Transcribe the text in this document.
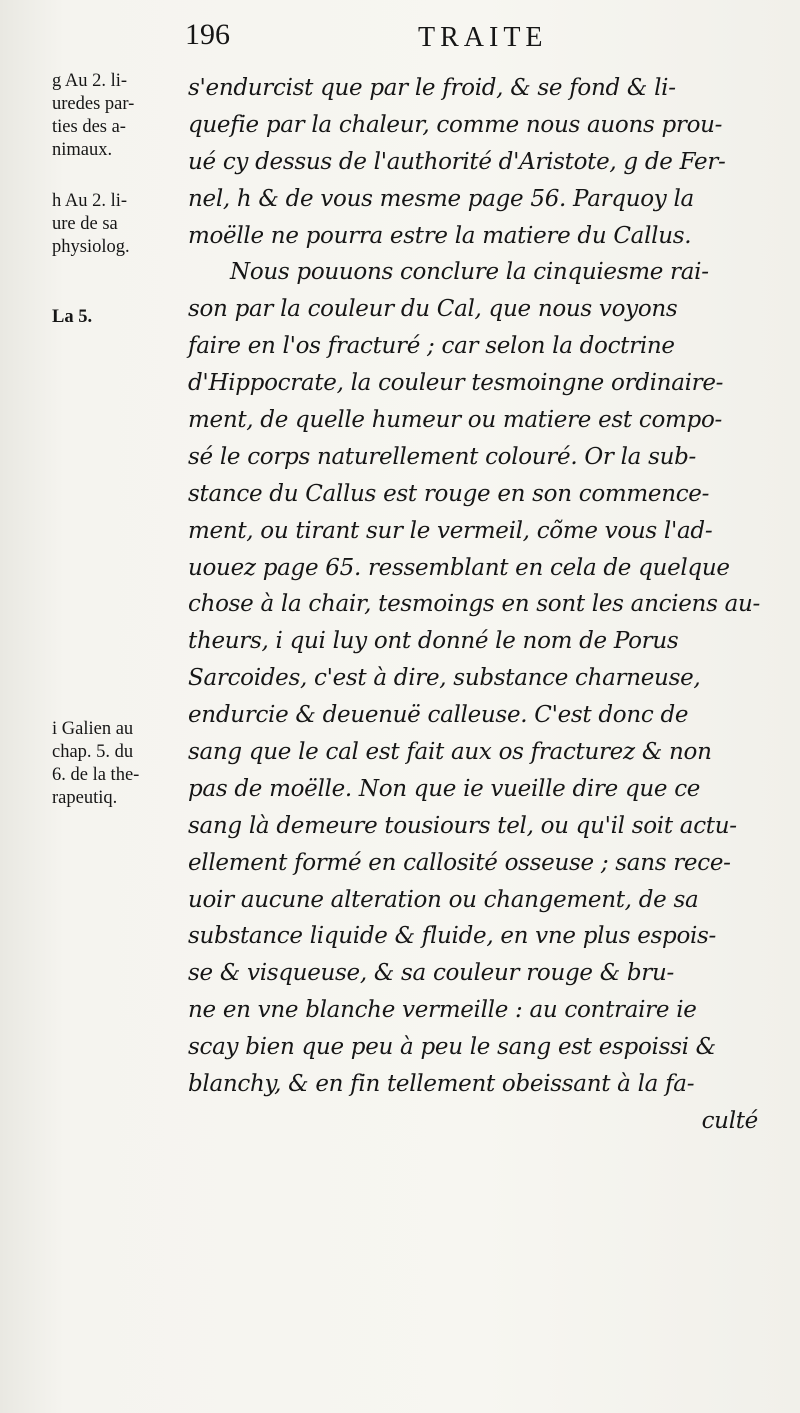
196	TRAITE
g Au 2. li-
uredes par-
ties des a-
nimaux.
h Au 2. li-
ure de sa
physiolog.
La 5.
i Galien au
chap. 5. du
6. de la the-
rapeutiq.
s'endurcist que par le froid, & se fond & li-
quefie par la chaleur, comme nous auons prou-
ué cy dessus de l'authorité d'Aristote, g de Fer-
nel, h & de vous mesme page 56. Parquoy la
moëlle ne pourra estre la matiere du Callus.
Nous pouuons conclure la cinquiesme rai-
son par la couleur du Cal, que nous voyons
faire en l'os fracturé ; car selon la doctrine
d'Hippocrate, la couleur tesmoingne ordinaire-
ment, de quelle humeur ou matiere est compo-
sé le corps naturellement colouré. Or la sub-
stance du Callus est rouge en son commence-
ment, ou tirant sur le vermeil, cõme vous l'ad-
uouez page 65. ressemblant en cela de quelque
chose à la chair, tesmoings en sont les anciens au-
theurs, i qui luy ont donné le nom de Porus
Sarcoides, c'est à dire, substance charneuse,
endurcie & deuenuë calleuse. C'est donc de
sang que le cal est fait aux os fracturez & non
pas de moëlle. Non que ie vueille dire que ce
sang là demeure tousiours tel, ou qu'il soit actu-
ellement formé en callosité osseuse ; sans rece-
uoir aucune alteration ou changement, de sa
substance liquide & fluide, en vne plus espois-
se & visqueuse, & sa couleur rouge & bru-
ne en vne blanche vermeille : au contraire ie
scay bien que peu à peu le sang est espoissi &
blanchy, & en fin tellement obeissant à la fa-
culté
